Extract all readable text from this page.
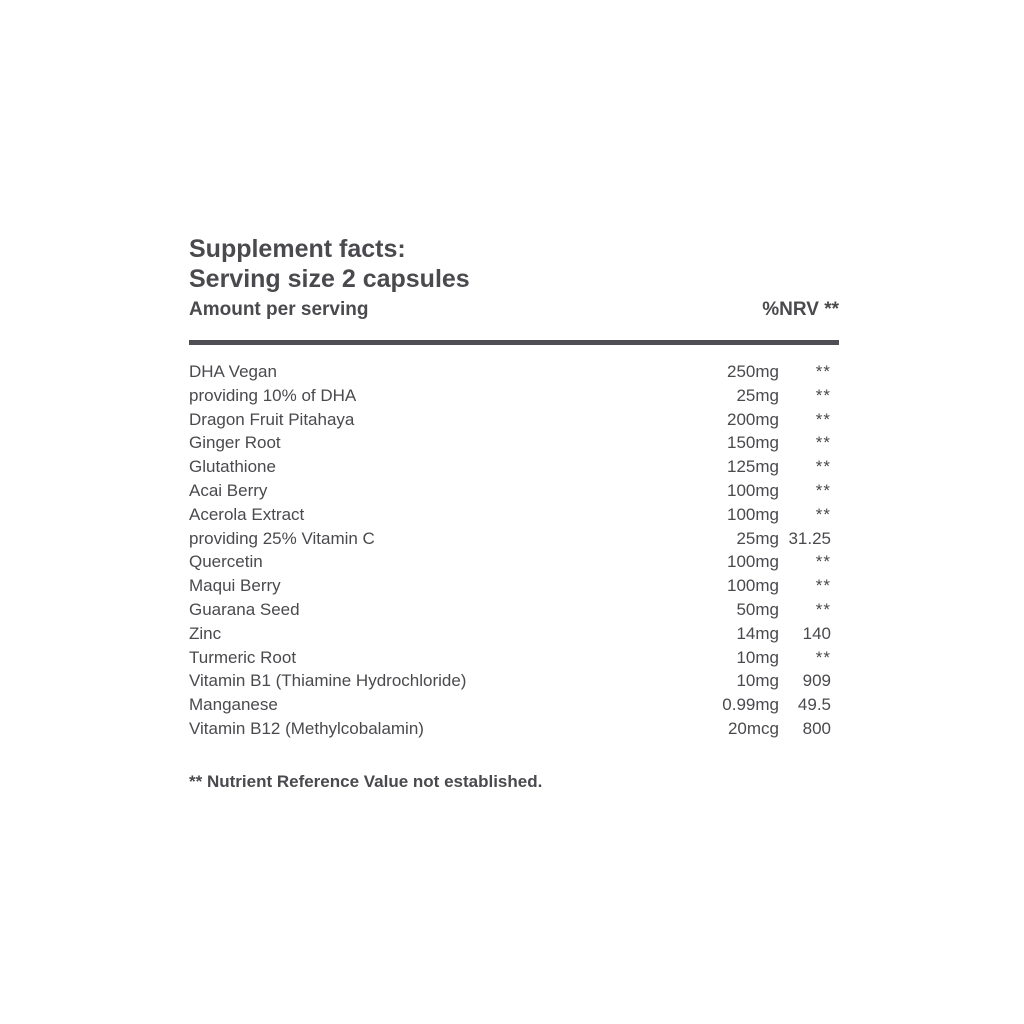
Supplement facts:

Serving size 2 capsules

Amount per serving	%NRV **
DHA Vegan	250mg	**
providing 10% of DHA	25mg	**
Dragon Fruit Pitahaya	200mg	**
Ginger Root	150mg	**
Glutathione	125mg	**
Acai Berry	100mg	**
Acerola Extract	100mg	**
providing 25% Vitamin C	25mg 31.25
Quercetin	100mg	**
Maqui Berry	100mg	**
Guarana Seed	50mg	**
Zinc	14mg	140
Turmeric Root	10mg	**
Vitamin B1 (Thiamine Hydrochloride)	10mg	909
Manganese	0.99mg	49.5
Vitamin B12 (Methylcobalamin)	20mcg	800
** Nutrient Reference Value not established.
